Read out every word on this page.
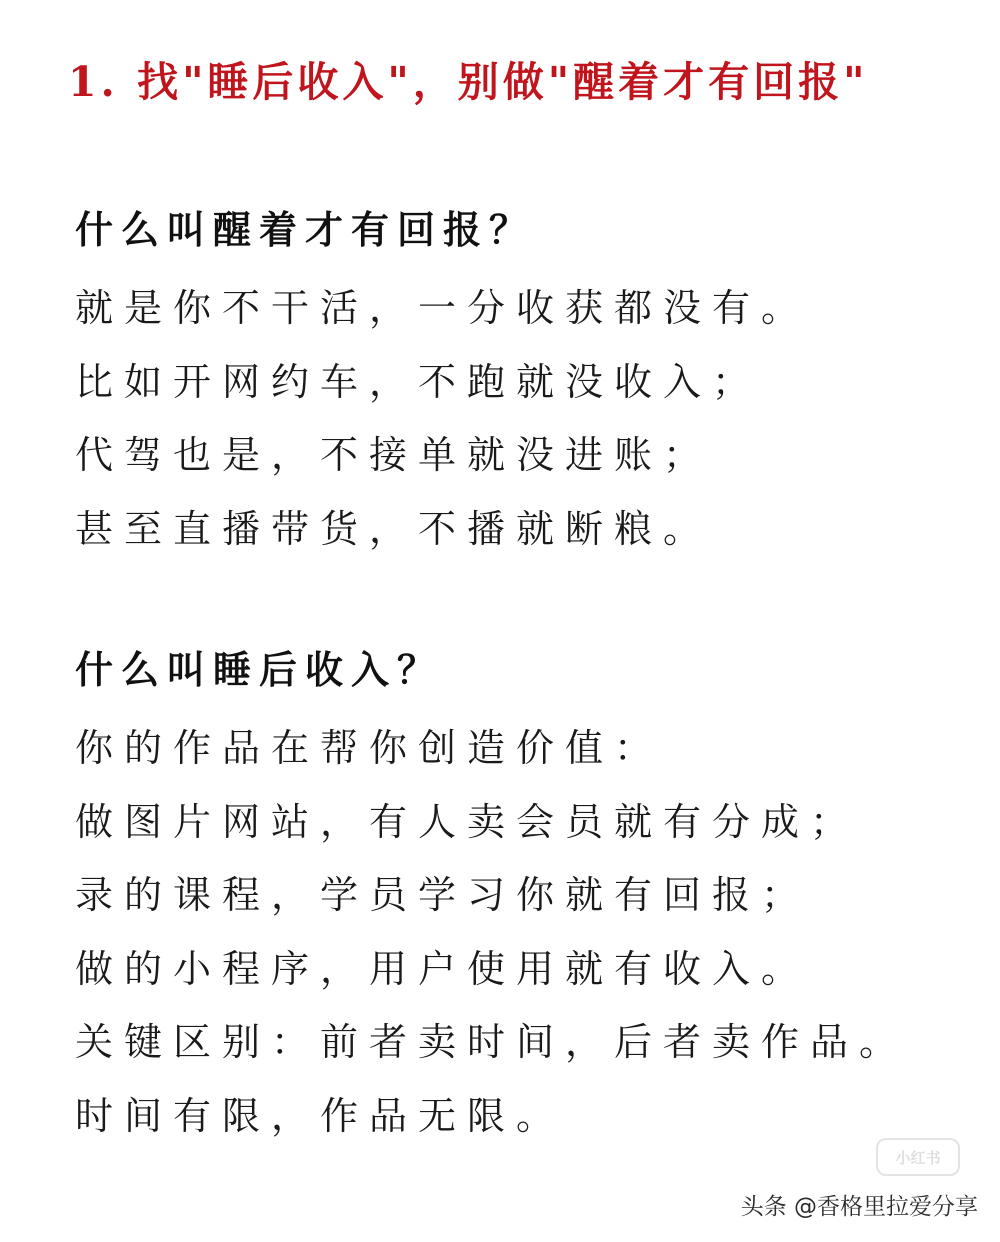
1. 找"睡后收入"，别做"醒着才有回报"
什么叫醒着才有回报？
就是你不干活，一分收获都没有。
比如开网约车，不跑就没收入；
代驾也是，不接单就没进账；
甚至直播带货，不播就断粮。
什么叫睡后收入？
你的作品在帮你创造价值：
做图片网站，有人卖会员就有分成；
录的课程，学员学习你就有回报；
做的小程序，用户使用就有收入。
关键区别：前者卖时间，后者卖作品。
时间有限，作品无限。
小红书
头条 @香格里拉爱分享
